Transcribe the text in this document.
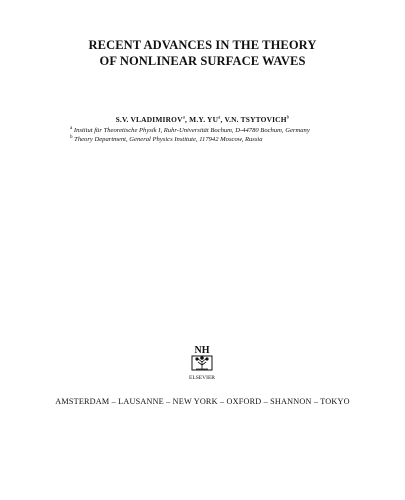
RECENT ADVANCES IN THE THEORY
OF NONLINEAR SURFACE WAVES
S.V. VLADIMIROV$^a$, M.Y. $YU^a$, V.N. TSYTOVICH$^b$
$^a$ Institut für Theoretische Physik I, Ruhr-Universität Bochum, D-44780 Bochum, Germany
$^b$ Theory Department, General Physics Institute, 117942 Moscow, Russia
NH
ELSEVIER
AMSTERDAM – LAUSANNE – NEW YORK – OXFORD – SHANNON – TOKYO
